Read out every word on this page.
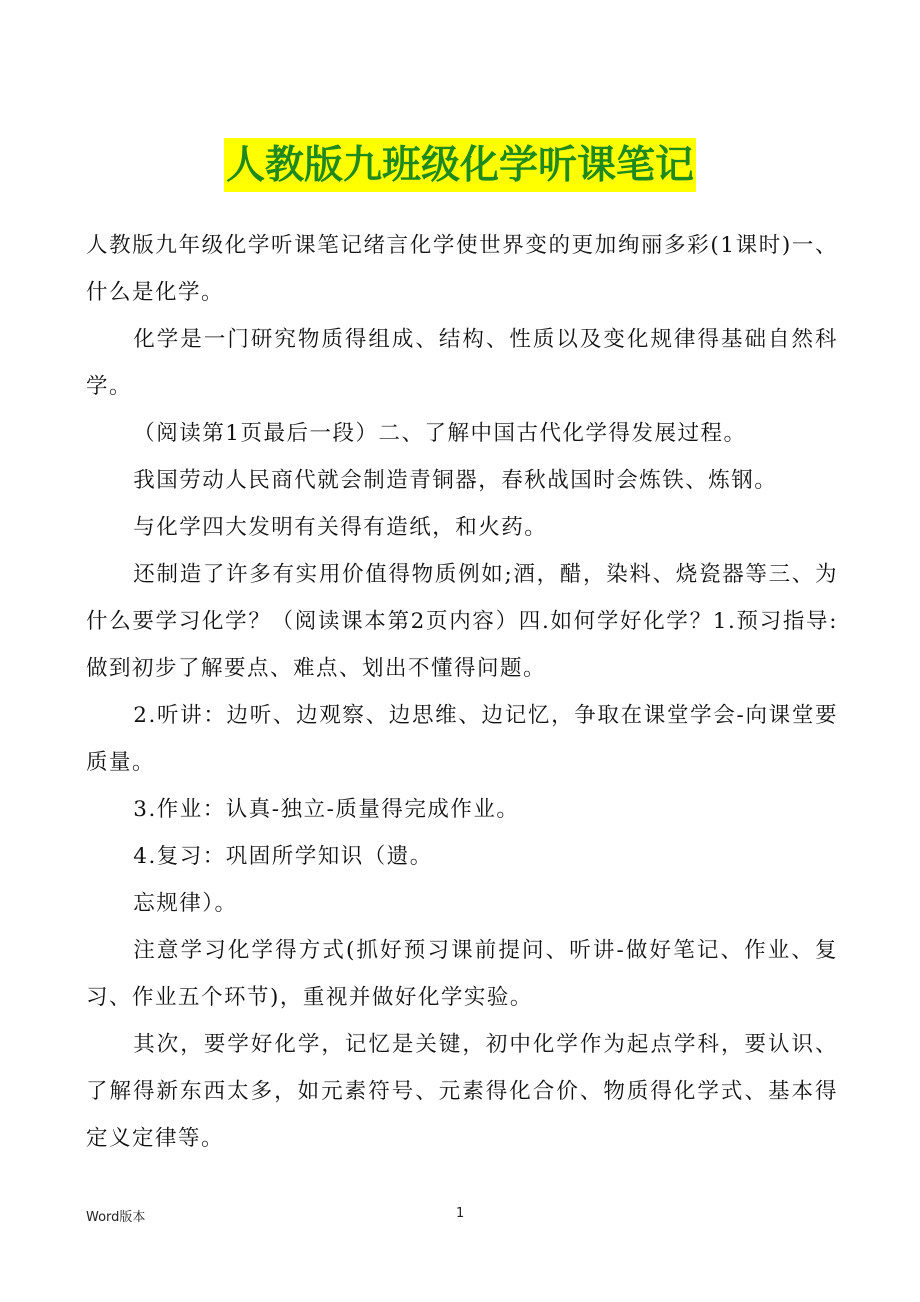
人教版九班级化学听课笔记

人教版九年级化学听课笔记绪言化学使世界变的更加绚丽多彩(1课时)一、什么是化学。

化学是一门研究物质得组成、结构、性质以及变化规律得基础自然科学。

（阅读第1页最后一段）二、了解中国古代化学得发展过程。

我国劳动人民商代就会制造青铜器，春秋战国时会炼铁、炼钢。

与化学四大发明有关得有造纸，和火药。

还制造了许多有实用价值得物质例如;酒，醋，染料、烧瓷器等三、为什么要学习化学？（阅读课本第2页内容）四.如何学好化学？1.预习指导:做到初步了解要点、难点、划出不懂得问题。

2.听讲：边听、边观察、边思维、边记忆，争取在课堂学会-向课堂要质量。

3.作业：认真-独立-质量得完成作业。

4.复习：巩固所学知识（遗。

忘规律）。

注意学习化学得方式(抓好预习课前提问、听讲-做好笔记、作业、复习、作业五个环节)，重视并做好化学实验。

其次，要学好化学，记忆是关键，初中化学作为起点学科，要认识、了解得新东西太多，如元素符号、元素得化合价、物质得化学式、基本得定义定律等。

Word版本	1
